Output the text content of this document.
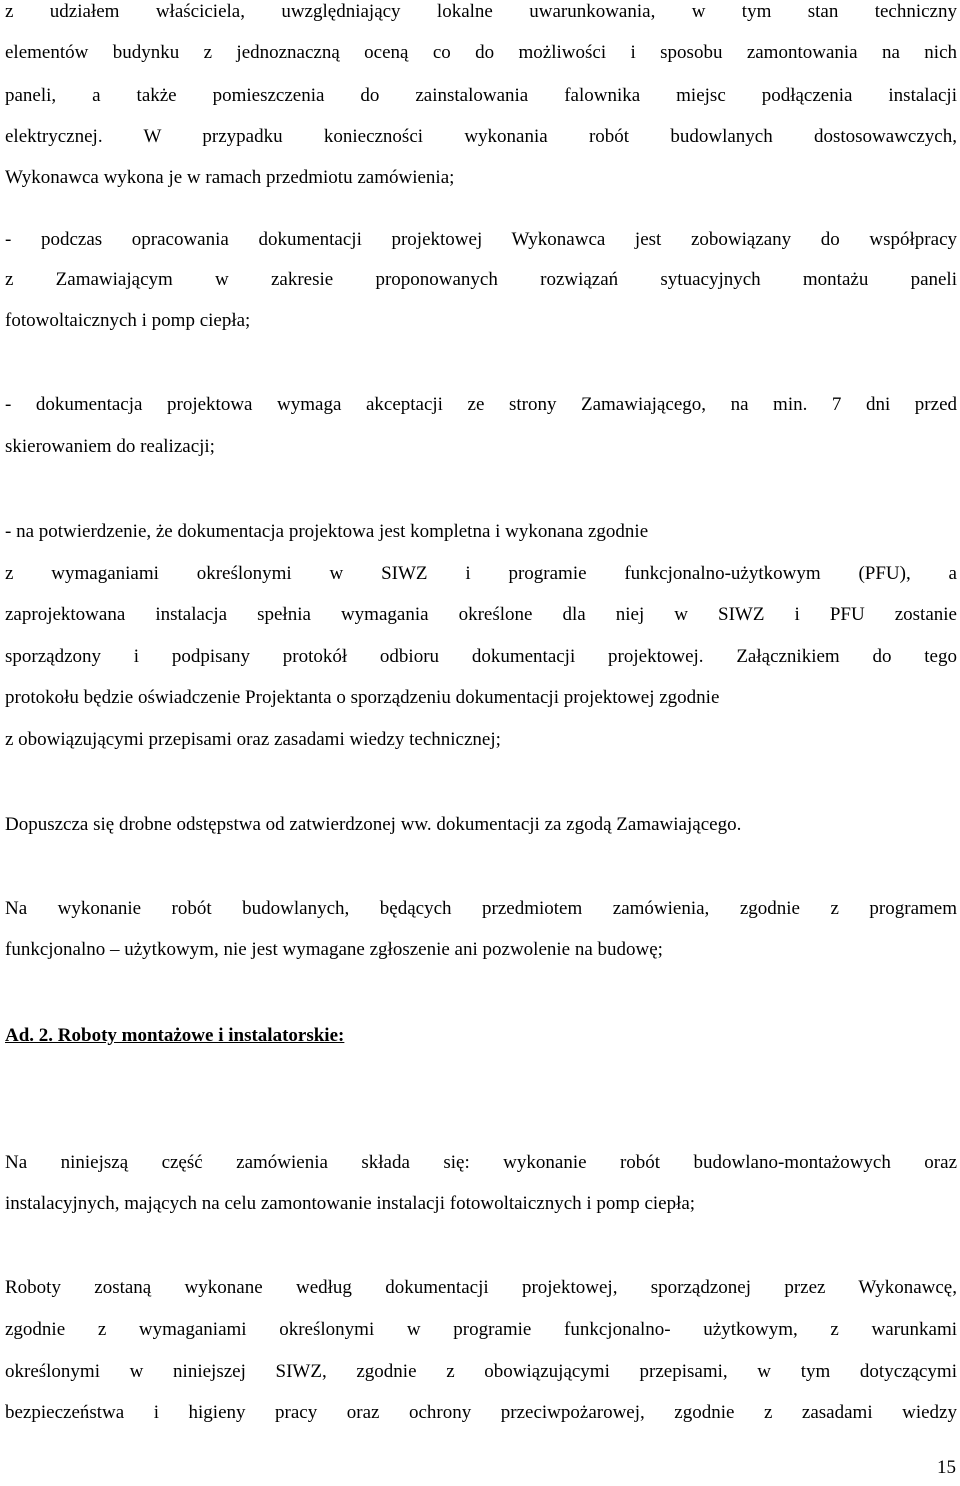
z udziałem właściciela, uwzględniający lokalne uwarunkowania, w tym stan techniczny
elementów budynku z jednoznaczną oceną co do możliwości i sposobu zamontowania na nich
paneli, a także pomieszczenia do zainstalowania falownika miejsc podłączenia instalacji
elektrycznej. W przypadku konieczności wykonania robót budowlanych dostosowawczych,
Wykonawca wykona je w ramach przedmiotu zamówienia;
- podczas opracowania dokumentacji projektowej Wykonawca jest zobowiązany do współpracy
z Zamawiającym w zakresie proponowanych rozwiązań sytuacyjnych montażu paneli
fotowoltaicznych i pomp ciepła;
- dokumentacja projektowa wymaga akceptacji ze strony Zamawiającego, na min. 7 dni przed
skierowaniem do realizacji;
- na potwierdzenie, że dokumentacja projektowa jest kompletna i wykonana zgodnie
z wymaganiami określonymi w SIWZ i programie funkcjonalno-użytkowym (PFU), a
zaprojektowana instalacja spełnia wymagania określone dla niej w SIWZ i PFU zostanie
sporządzony i podpisany protokół odbioru dokumentacji projektowej. Załącznikiem do tego
protokołu będzie oświadczenie Projektanta o sporządzeniu dokumentacji projektowej zgodnie
z obowiązującymi przepisami oraz zasadami wiedzy technicznej;
Dopuszcza się drobne odstępstwa od zatwierdzonej ww. dokumentacji za zgodą Zamawiającego.
Na wykonanie robót budowlanych, będących przedmiotem zamówienia, zgodnie z programem
funkcjonalno – użytkowym, nie jest wymagane zgłoszenie ani pozwolenie na budowę;
Ad. 2. Roboty montażowe i instalatorskie:
Na niniejszą część zamówienia składa się: wykonanie robót budowlano-montażowych oraz
instalacyjnych, mających na celu zamontowanie instalacji fotowoltaicznych i pomp ciepła;
Roboty zostaną wykonane według dokumentacji projektowej, sporządzonej przez Wykonawcę,
zgodnie z wymaganiami określonymi w programie funkcjonalno- użytkowym, z warunkami
określonymi w niniejszej SIWZ, zgodnie z obowiązującymi przepisami, w tym dotyczącymi
bezpieczeństwa i higieny pracy oraz ochrony przeciwpożarowej, zgodnie z zasadami wiedzy
15
